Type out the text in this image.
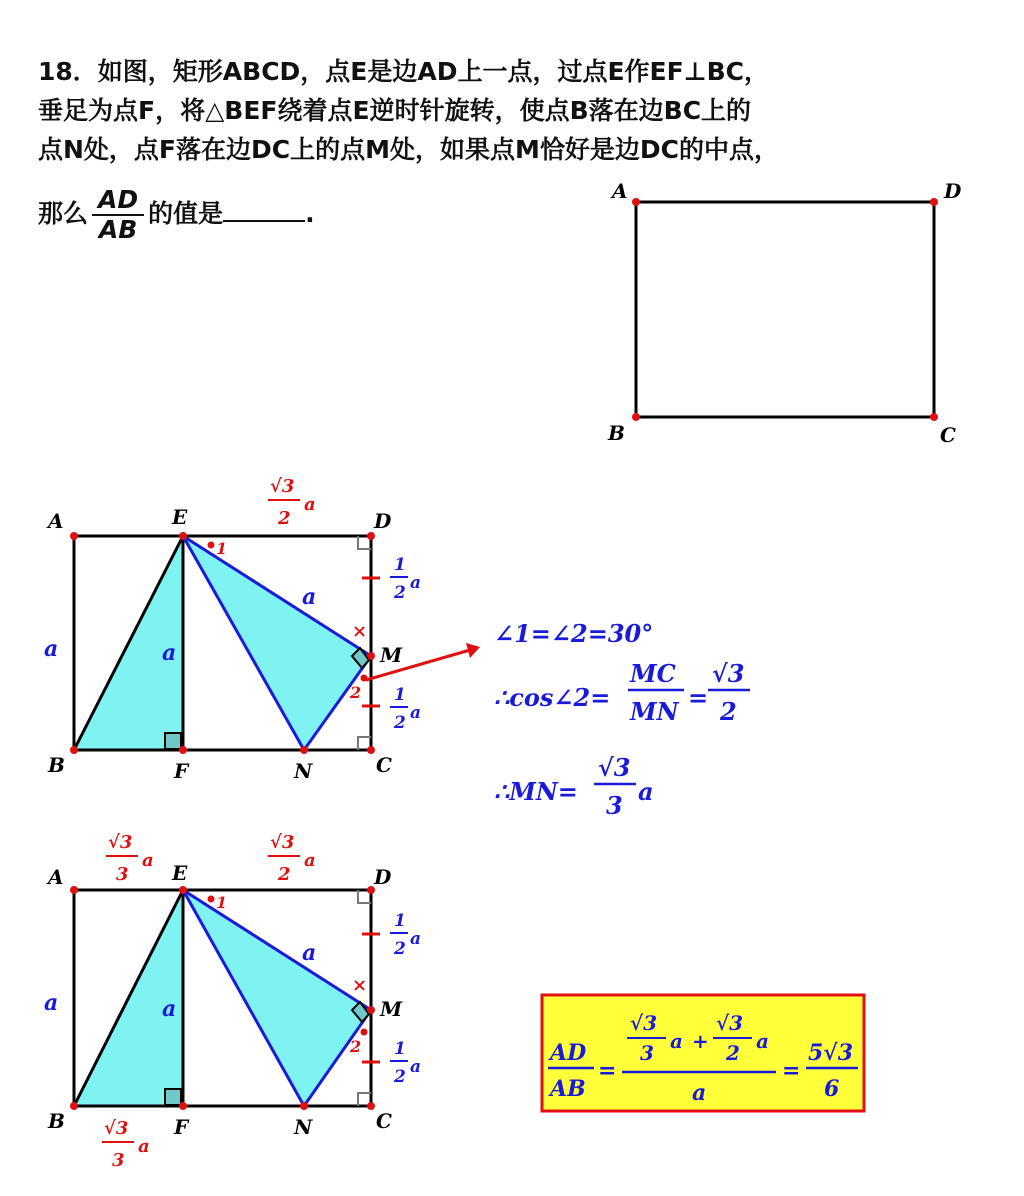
18．如图，矩形ABCD，点E是边AD上一点，过点E作EF⊥BC，
垂足为点F，将△BEF绕着点E逆时针旋转，使点B落在边BC上的
点N处，点F落在边DC上的点M处，如果点M恰好是边DC的中点，
那么 $\frac{AD}{AB}$ 的值是	.
A	D
B	C
×
A	E	D
M
B	F	N	C
√3
2
a
a	a
a
1
2 a
1
2 a
1
2
∠1=∠2=30°
∴cos∠2=
MC
MN =
√3
2
∴MN=
√3
3 a
×
A	E	D
M
B	F	N	C
√3
3
a
√3
2
a
√3
3
a
a	a
a
1
2 a
1
2 a
1
2	AD
AB
=
√3
3 a +
√3
2 a
a
=
5√3
6
